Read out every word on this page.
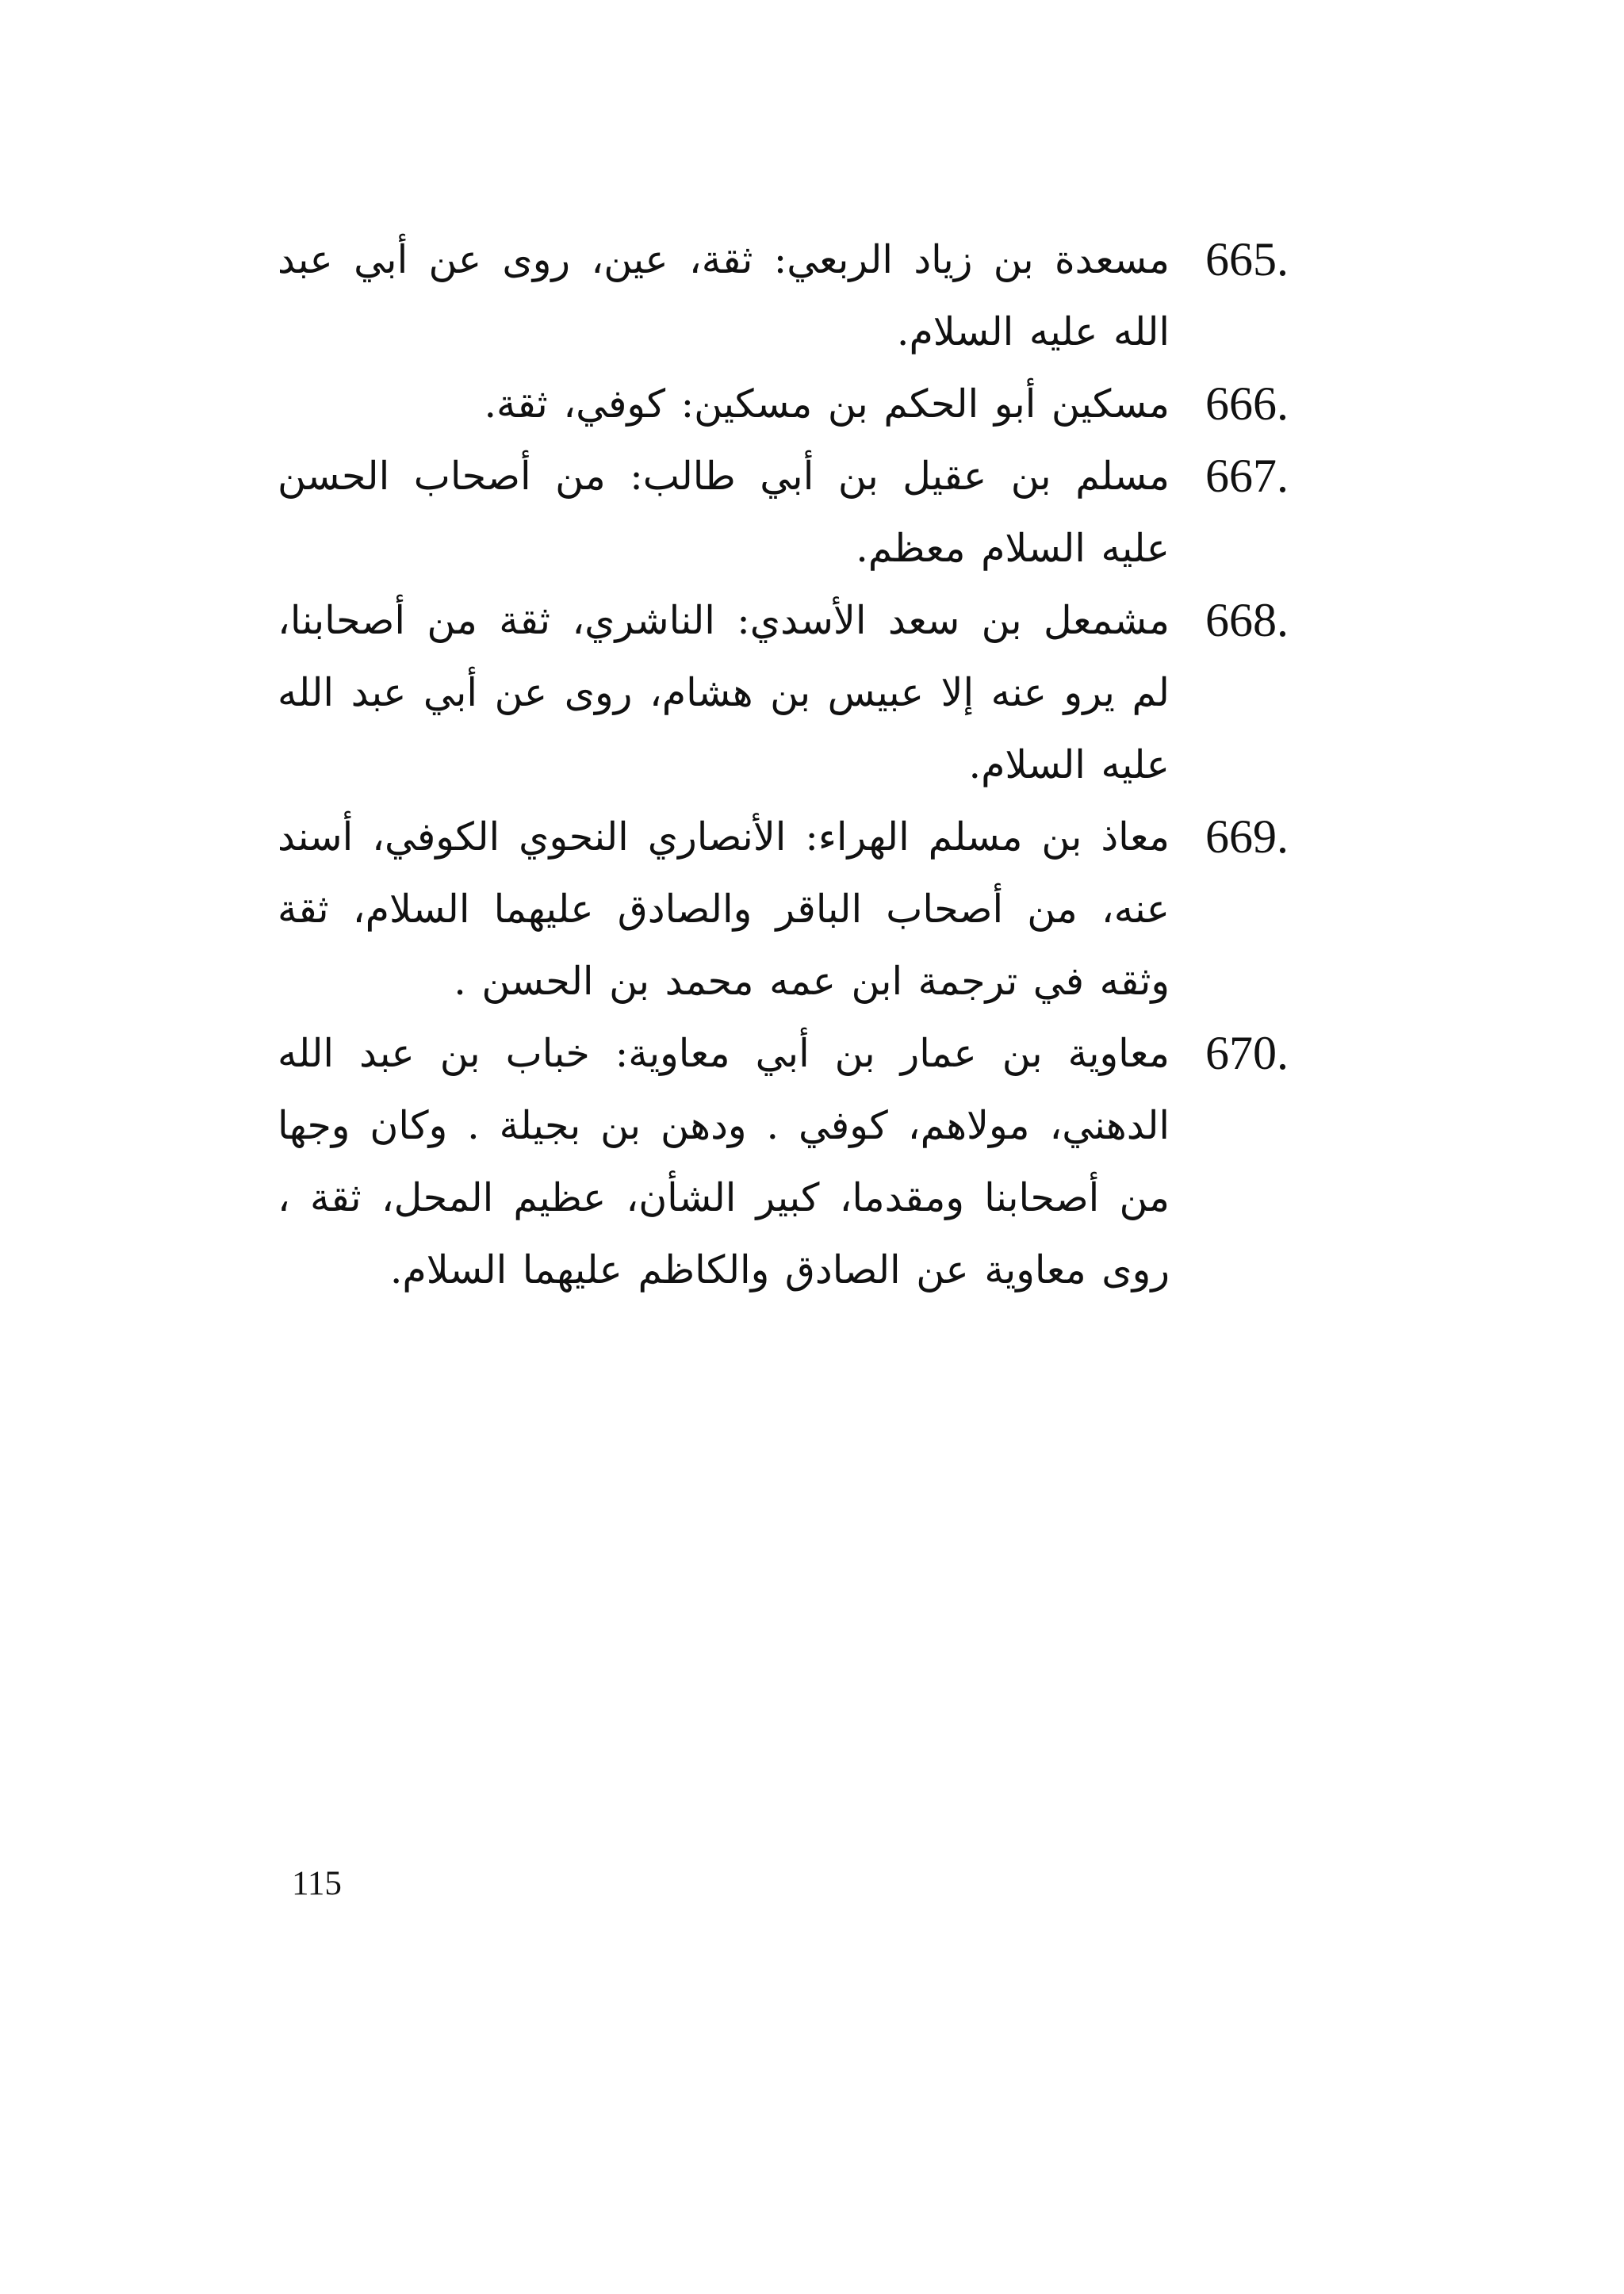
665.
مسعدة بن زياد الربعي: ثقة، عين، روى عن أبي عبد الله عليه السلام.
666.
مسكين أبو الحكم بن مسكين: كوفي، ثقة.
667.
مسلم بن عقيل بن أبي طالب: من أصحاب الحسن عليه السلام معظم.
668.
مشمعل بن سعد الأسدي: الناشري، ثقة من أصحابنا، لم يرو عنه إلا عبيس بن هشام، روى عن أبي عبد الله عليه السلام.
669.
معاذ بن مسلم الهراء: الأنصاري النحوي الكوفي، أسند عنه، من أصحاب الباقر والصادق عليهما السلام، ثقة وثقه في ترجمة ابن عمه محمد بن الحسن .
670.
معاوية بن عمار بن أبي معاوية: خباب بن عبد الله الدهني، مولاهم، كوفي . ودهن بن بجيلة . وكان وجها من أصحابنا ومقدما، كبير الشأن، عظيم المحل، ثقة ، روى معاوية عن الصادق والكاظم عليهما السلام.
115
